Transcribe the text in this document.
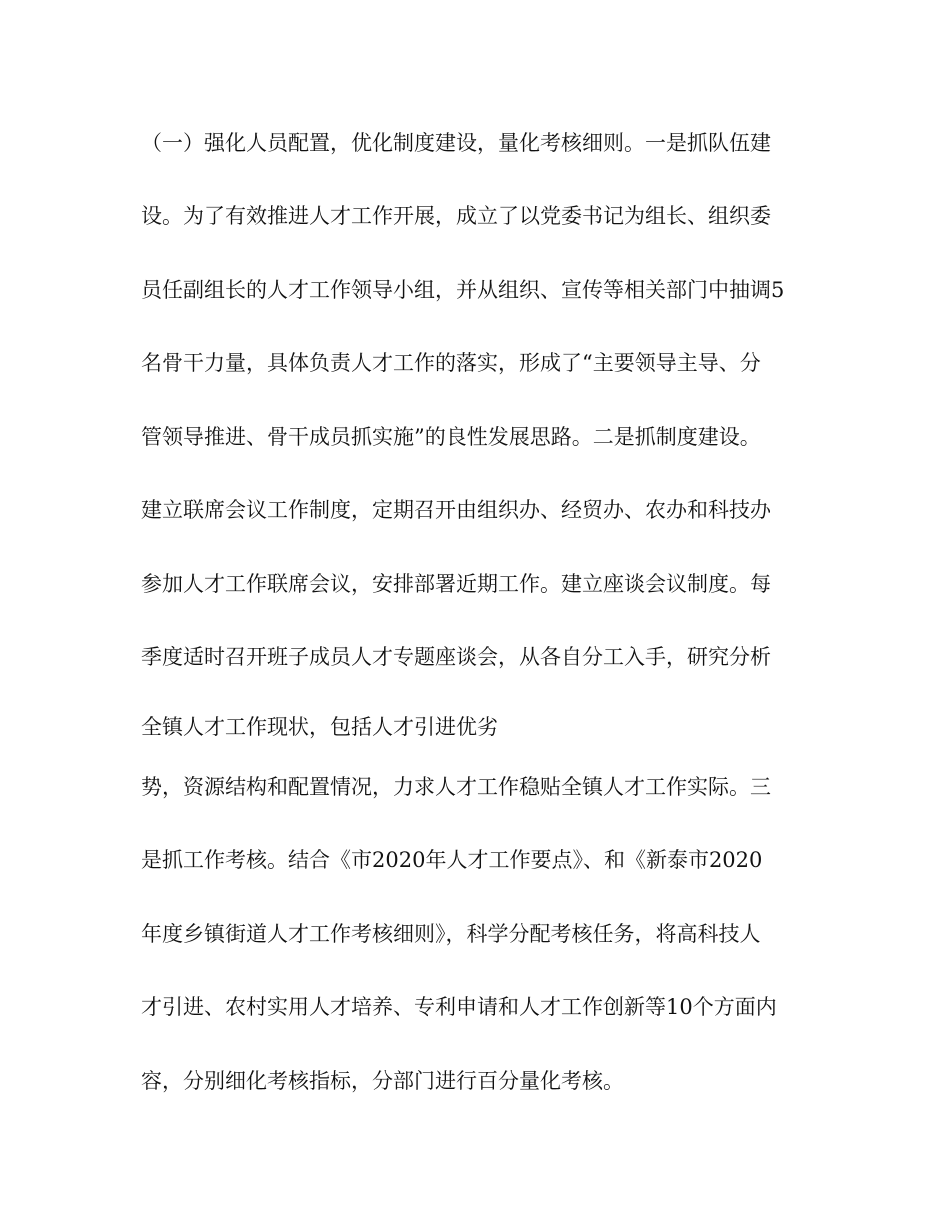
（一）强化人员配置，优化制度建设，量化考核细则。一是抓队伍建

设。为了有效推进人才工作开展，成立了以党委书记为组长、组织委

员任副组长的人才工作领导小组，并从组织、宣传等相关部门中抽调5

名骨干力量，具体负责人才工作的落实，形成了“主要领导主导、分

管领导推进、骨干成员抓实施”的良性发展思路。二是抓制度建设。

建立联席会议工作制度，定期召开由组织办、经贸办、农办和科技办

参加人才工作联席会议，安排部署近期工作。建立座谈会议制度。每

季度适时召开班子成员人才专题座谈会，从各自分工入手，研究分析

全镇人才工作现状，包括人才引进优劣

势，资源结构和配置情况，力求人才工作稳贴全镇人才工作实际。三

是抓工作考核。结合《市2020年人才工作要点》、和《新泰市2020

年度乡镇街道人才工作考核细则》，科学分配考核任务，将高科技人

才引进、农村实用人才培养、专利申请和人才工作创新等10个方面内

容，分别细化考核指标，分部门进行百分量化考核。
